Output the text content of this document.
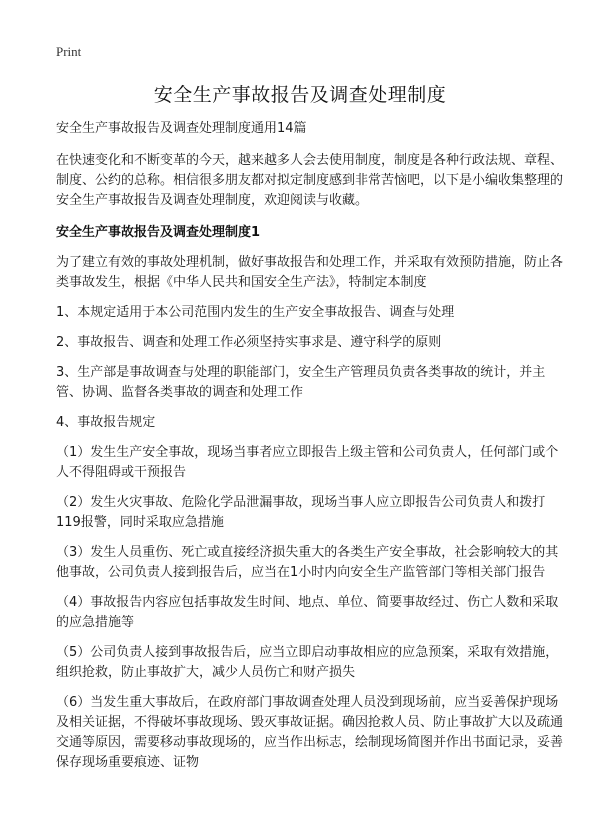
Print
安全生产事故报告及调查处理制度

安全生产事故报告及调查处理制度通用14篇

在快速变化和不断变革的今天，越来越多人会去使用制度，制度是各种行政法规、章程、制度、公约的总称。相信很多朋友都对拟定制度感到非常苦恼吧，以下是小编收集整理的安全生产事故报告及调查处理制度，欢迎阅读与收藏。

安全生产事故报告及调查处理制度1

为了建立有效的事故处理机制，做好事故报告和处理工作，并采取有效预防措施，防止各类事故发生，根据《中华人民共和国安全生产法》，特制定本制度

1、本规定适用于本公司范围内发生的生产安全事故报告、调查与处理

2、事故报告、调查和处理工作必须坚持实事求是、遵守科学的原则

3、生产部是事故调查与处理的职能部门，安全生产管理员负责各类事故的统计，并主管、协调、监督各类事故的调查和处理工作

4、事故报告规定

（1）发生生产安全事故，现场当事者应立即报告上级主管和公司负责人，任何部门或个人不得阻碍或干预报告

（2）发生火灾事故、危险化学品泄漏事故，现场当事人应立即报告公司负责人和拨打119报警，同时采取应急措施

（3）发生人员重伤、死亡或直接经济损失重大的各类生产安全事故，社会影响较大的其他事故，公司负责人接到报告后，应当在1小时内向安全生产监管部门等相关部门报告

（4）事故报告内容应包括事故发生时间、地点、单位、简要事故经过、伤亡人数和采取的应急措施等

（5）公司负责人接到事故报告后，应当立即启动事故相应的应急预案，采取有效措施，组织抢救，防止事故扩大，减少人员伤亡和财产损失

（6）当发生重大事故后，在政府部门事故调查处理人员没到现场前，应当妥善保护现场及相关证据，不得破坏事故现场、毁灭事故证据。确因抢救人员、防止事故扩大以及疏通交通等原因，需要移动事故现场的，应当作出标志，绘制现场简图并作出书面记录，妥善保存现场重要痕迹、证物
